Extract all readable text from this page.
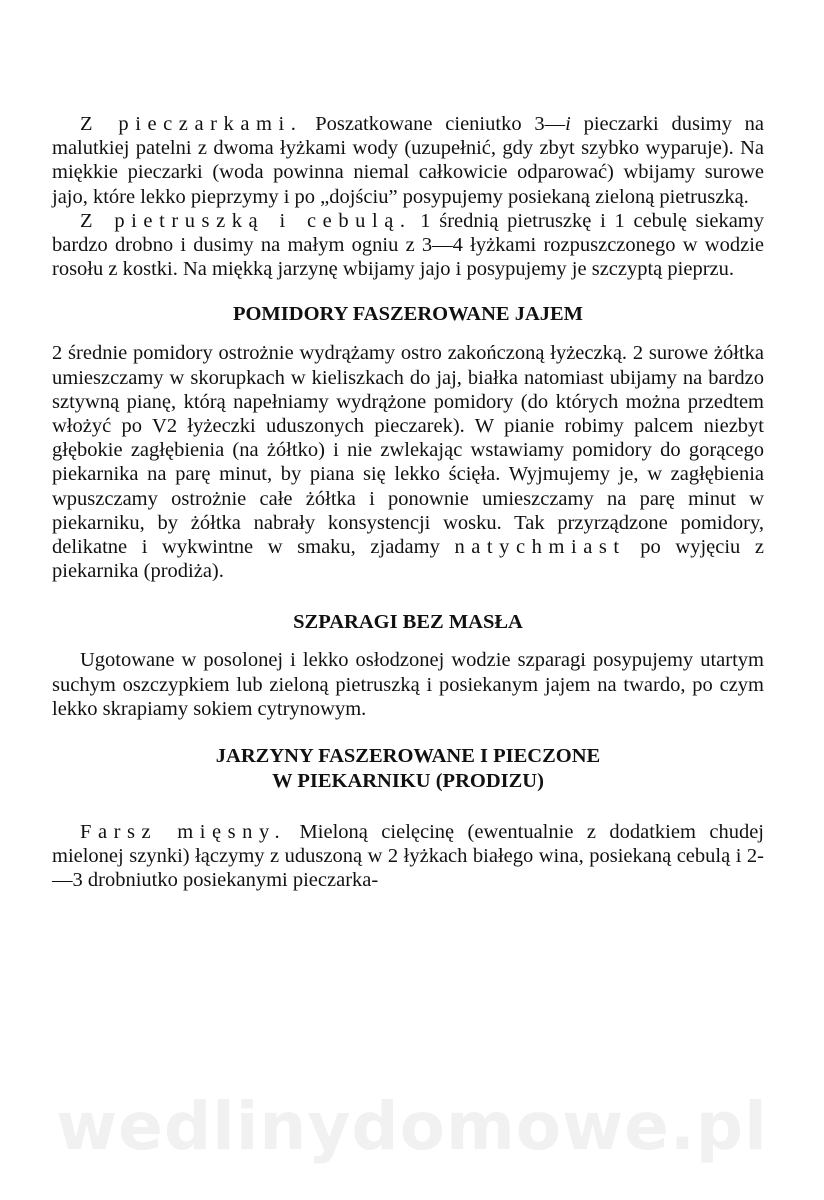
Z pieczarkami. Poszatkowane cieniutko 3—i pieczarki dusimy na malutkiej patelni z dwoma łyżkami wody (uzupełnić, gdy zbyt szybko wyparuje). Na miękkie pieczarki (woda powinna niemal całkowicie odparować) wbijamy surowe jajo, które lekko pieprzymy i po „dojściu” posypujemy posiekaną zieloną pietruszką.

Z pietruszką i cebulą. 1 średnią pietruszkę i 1 cebulę siekamy bardzo drobno i dusimy na małym ogniu z 3—4 łyżkami rozpuszczonego w wodzie rosołu z kostki. Na miękką jarzynę wbijamy jajo i posypujemy je szczyptą pieprzu.

POMIDORY FASZEROWANE JAJEM

2 średnie pomidory ostrożnie wydrążamy ostro zakończoną łyżeczką. 2 surowe żółtka umieszczamy w skorupkach w kieliszkach do jaj, białka natomiast ubijamy na bardzo sztywną pianę, którą napełniamy wydrążone pomidory (do których można przedtem włożyć po V2 łyżeczki uduszonych pieczarek). W pianie robimy palcem niezbyt głębokie zagłębienia (na żółtko) i nie zwlekając wstawiamy pomidory do gorącego piekarnika na parę minut, by piana się lekko ścięła. Wyjmujemy je, w zagłębienia wpuszczamy ostrożnie całe żółtka i ponownie umieszczamy na parę minut w piekarniku, by żółtka nabrały konsystencji wosku. Tak przyrządzone pomidory, delikatne i wykwintne w smaku, zjadamy natychmiast po wyjęciu z piekarnika (prodiża).

SZPARAGI BEZ MASŁA

Ugotowane w posolonej i lekko osłodzonej wodzie szparagi posypujemy utartym suchym oszczypkiem lub zieloną pietruszką i posiekanym jajem na twardo, po czym lekko skrapiamy sokiem cytrynowym.

JARZYNY FASZEROWANE I PIECZONE
W PIEKARNIKU (PRODIZU)

Farsz mięsny. Mieloną cielęcinę (ewentualnie z dodatkiem chudej mielonej szynki) łączymy z uduszoną w 2 łyżkach białego wina, posiekaną cebulą i 2-—3 drobniutko posiekanymi pieczarka-

wedlinydomowe.pl
